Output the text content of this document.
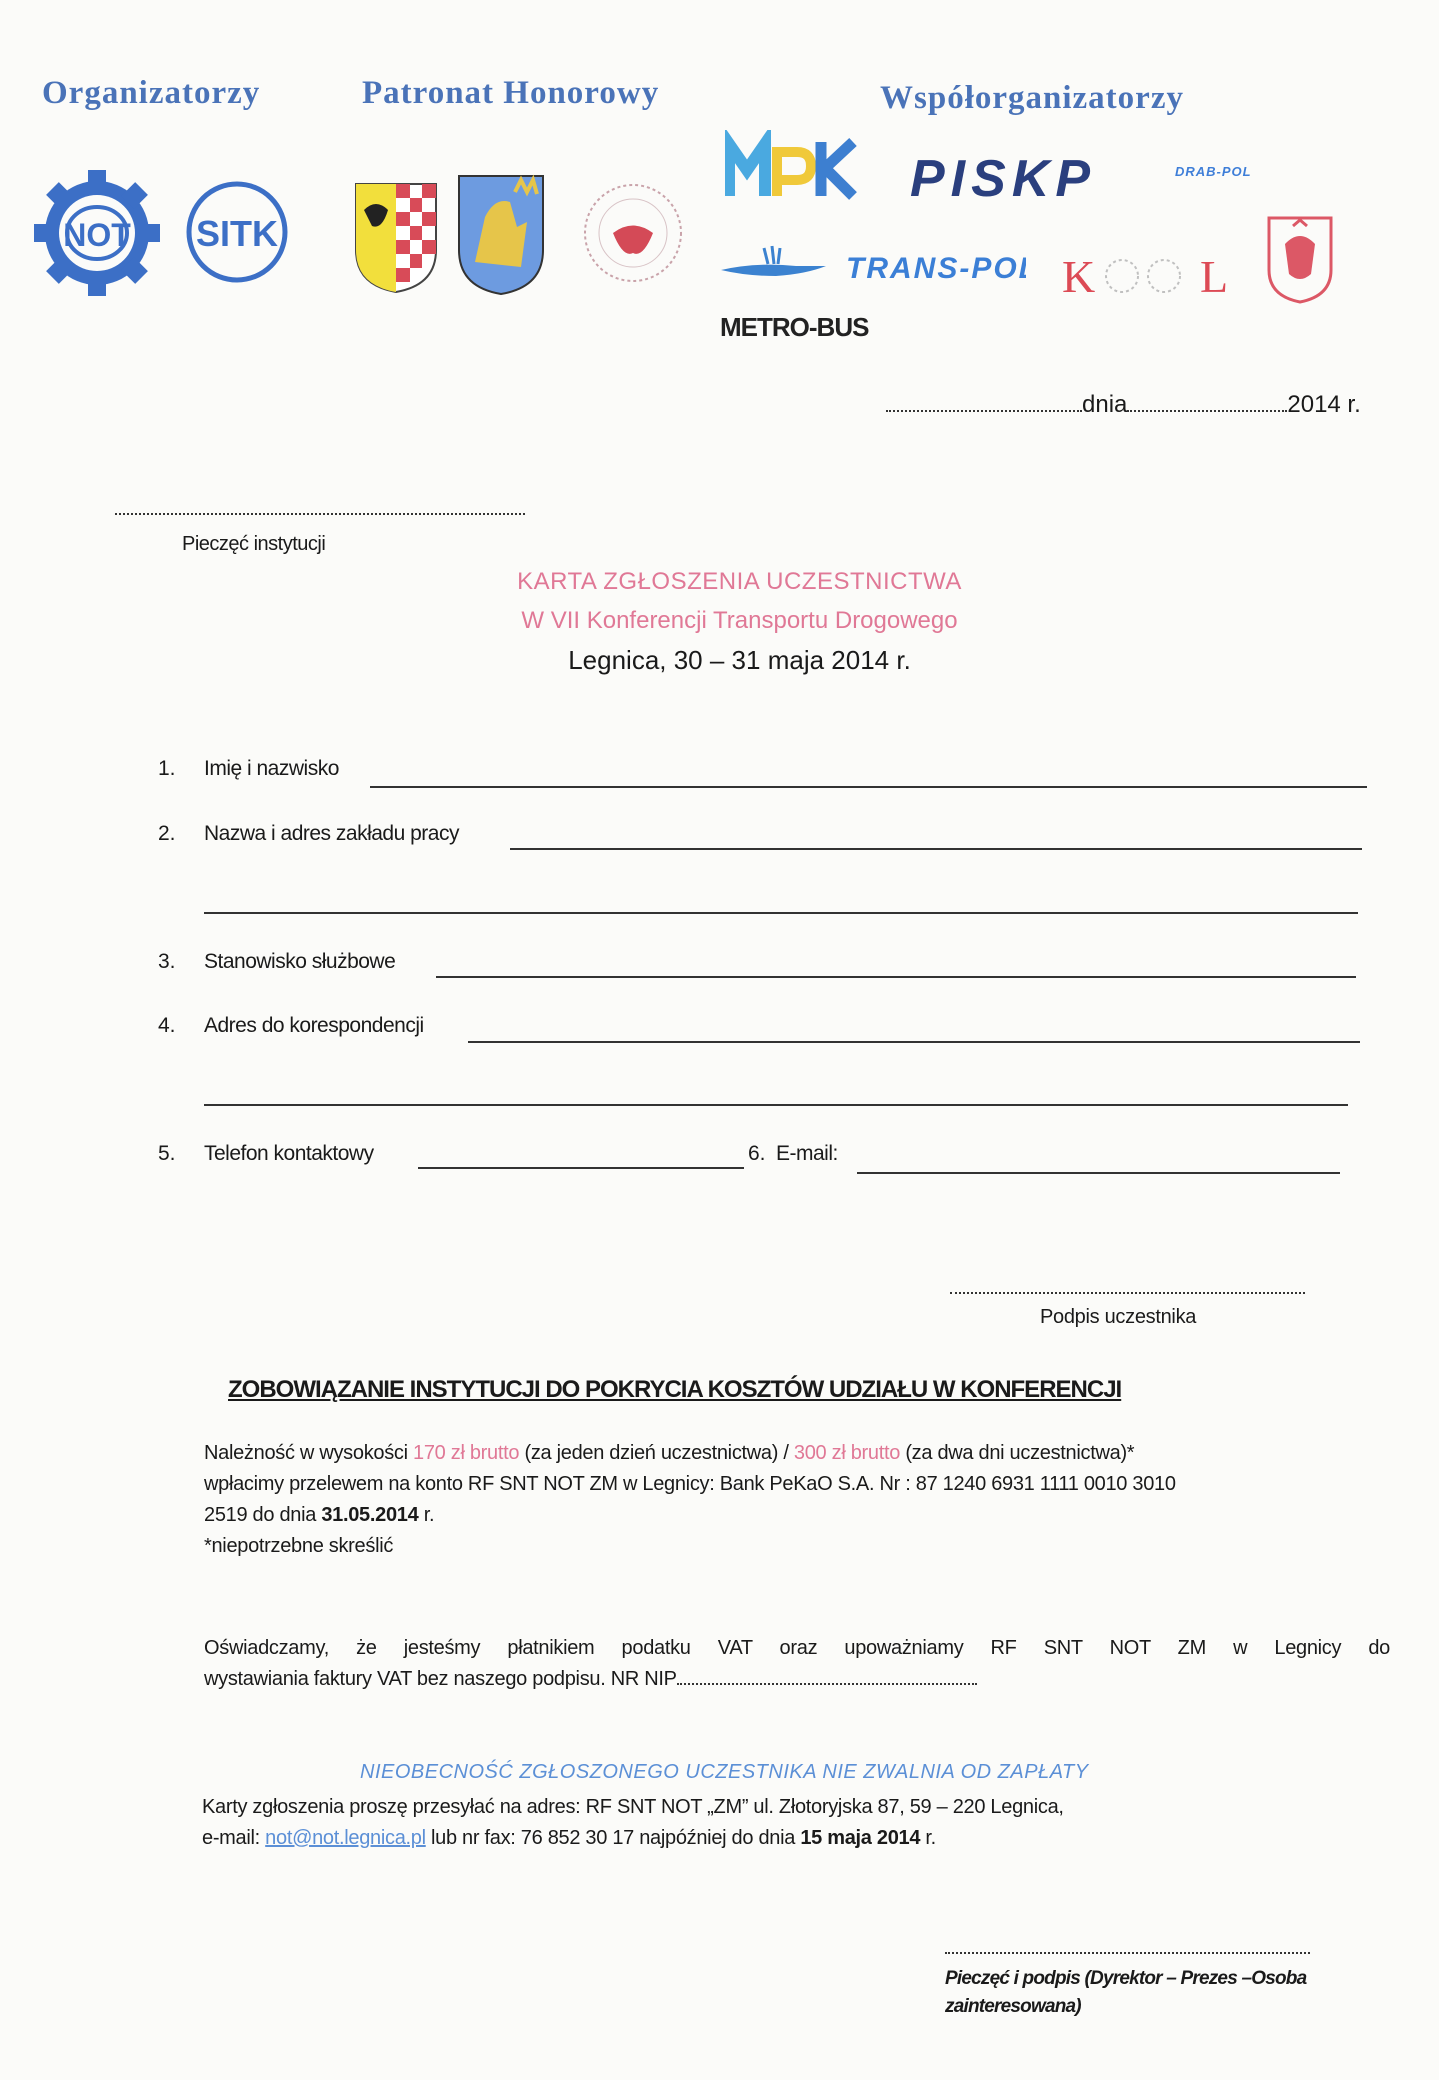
Organizatorzy	Patronat Honorowy	Współorganizatorzy
NOT SITK
PISKP	DRAB-POL
TRANS-POL K L
METRO-BUS
dnia	2014 r.
Pieczęć instytucji
KARTA ZGŁOSZENIA UCZESTNICTWA
W VII Konferencji Transportu Drogowego
Legnica, 30 – 31 maja 2014 r.
1. Imię i nazwisko
2. Nazwa i adres zakładu pracy
3. Stanowisko służbowe
4. Adres do korespondencji
5. Telefon kontaktowy	6. E-mail:
Podpis uczestnika
ZOBOWIĄZANIE INSTYTUCJI DO POKRYCIA KOSZTÓW UDZIAŁU W KONFERENCJI
Należność w wysokości 170 zł brutto (za jeden dzień uczestnictwa) / 300 zł brutto (za dwa dni uczestnictwa)*
wpłacimy przelewem na konto RF SNT NOT ZM w Legnicy: Bank PeKaO S.A. Nr : 87 1240 6931 1111 0010 3010
2519 do dnia 31.05.2014 r.
*niepotrzebne skreślić
Oświadczamy, że jesteśmy płatnikiem podatku VAT oraz upoważniamy RF SNT NOT ZM w Legnicy do
wystawiania faktury VAT bez naszego podpisu. NR NIP
NIEOBECNOŚĆ ZGŁOSZONEGO UCZESTNIKA NIE ZWALNIA OD ZAPŁATY
Karty zgłoszenia proszę przesyłać na adres: RF SNT NOT „ZM” ul. Złotoryjska 87, 59 – 220 Legnica,
e-mail: not@not.legnica.pl lub nr fax: 76 852 30 17 najpóźniej do dnia 15 maja 2014 r.
Pieczęć i podpis (Dyrektor – Prezes –Osoba
zainteresowana)
